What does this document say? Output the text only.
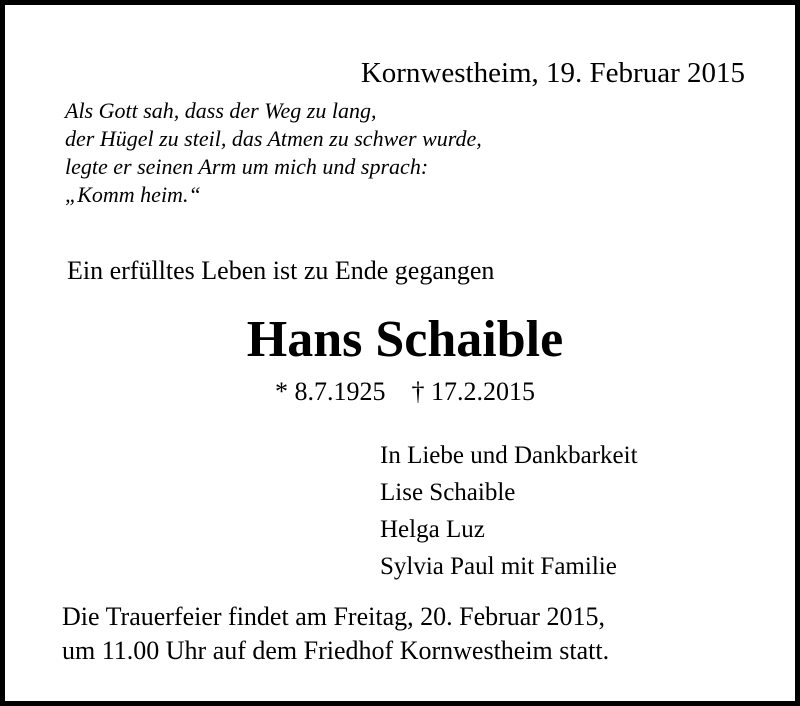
Kornwestheim, 19. Februar 2015
Als Gott sah, dass der Weg zu lang,
der Hügel zu steil, das Atmen zu schwer wurde,
legte er seinen Arm um mich und sprach:
„Komm heim.“
Ein erfülltes Leben ist zu Ende gegangen
Hans Schaible
* 8.7.1925 † 17.2.2015
In Liebe und Dankbarkeit
Lise Schaible
Helga Luz
Sylvia Paul mit Familie
Die Trauerfeier findet am Freitag, 20. Februar 2015,
um 11.00 Uhr auf dem Friedhof Kornwestheim statt.
